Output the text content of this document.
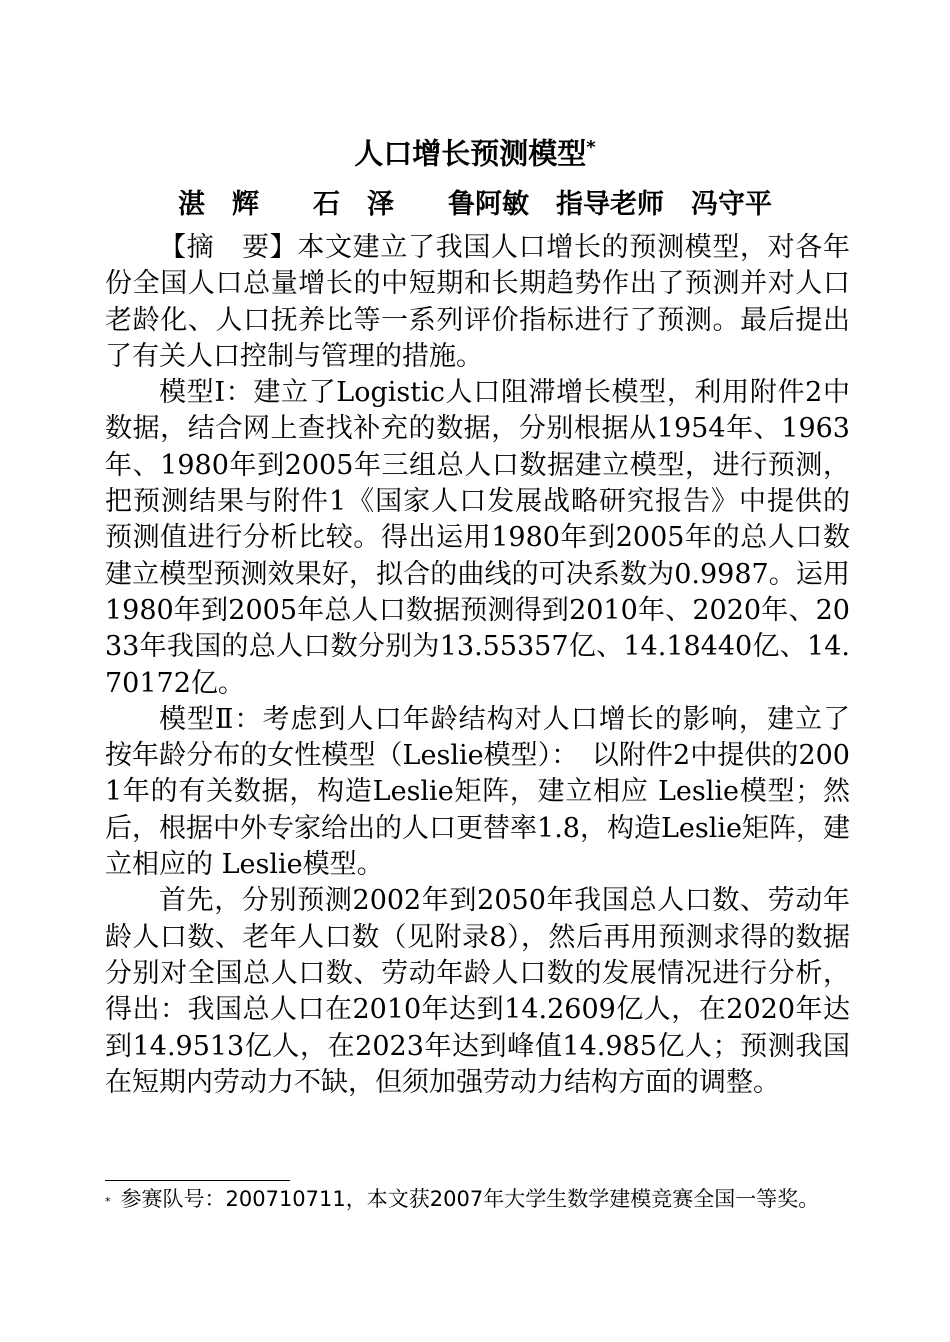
人口增长预测模型*
湛　辉　　石　泽　　鲁阿敏　指导老师　冯守平

【摘　要】本文建立了我国人口增长的预测模型，对各年份全国人口总量增长的中短期和长期趋势作出了预测并对人口老龄化、人口抚养比等一系列评价指标进行了预测。最后提出了有关人口控制与管理的措施。

模型Ⅰ：建立了Logistic人口阻滞增长模型，利用附件2中数据，结合网上查找补充的数据，分别根据从1954年、1963年、1980年到2005年三组总人口数据建立模型，进行预测，把预测结果与附件1《国家人口发展战略研究报告》中提供的预测值进行分析比较。得出运用1980年到2005年的总人口数建立模型预测效果好，拟合的曲线的可决系数为0.9987。运用1980年到2005年总人口数据预测得到2010年、2020年、2033年我国的总人口数分别为13.55357亿、14.18440亿、14.70172亿。

模型Ⅱ：考虑到人口年龄结构对人口增长的影响，建立了按年龄分布的女性模型（Leslie模型）：　以附件2中提供的2001年的有关数据，构造Leslie矩阵，建立相应 Leslie模型；然后，根据中外专家给出的人口更替率1.8，构造Leslie矩阵，建立相应的 Leslie模型。

首先，分别预测2002年到2050年我国总人口数、劳动年龄人口数、老年人口数（见附录8），然后再用预测求得的数据分别对全国总人口数、劳动年龄人口数的发展情况进行分析，得出：我国总人口在2010年达到14.2609亿人，在2020年达到14.9513亿人，在2023年达到峰值14.985亿人；预测我国在短期内劳动力不缺，但须加强劳动力结构方面的调整。

* 参赛队号：200710711，本文获2007年大学生数学建模竞赛全国一等奖。
